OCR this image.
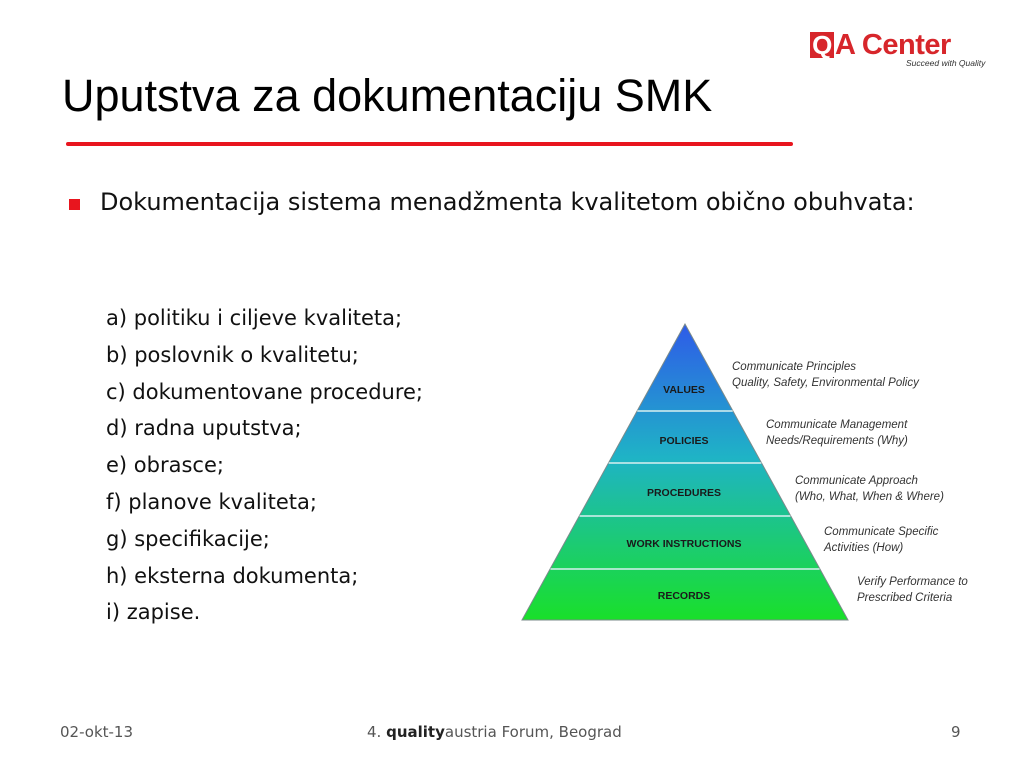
Q A Center
Succeed with Quality
Uputstva za dokumentaciju SMK
Dokumentacija sistema menadžmenta kvalitetom obično obuhvata:
a) politiku i ciljeve kvaliteta;
b) poslovnik o kvalitetu;
c) dokumentovane procedure;
d) radna uputstva;
e) obrasce;
f) planove kvaliteta;
g) specifikacije;
h) eksterna dokumenta;
i) zapise.
VALUES
POLICIES
PROCEDURES
WORK INSTRUCTIONS
RECORDS
Communicate Principles
Quality, Safety, Environmental Policy
Communicate Management
Needs/Requirements (Why)
Communicate Approach
(Who, What, When & Where)
Communicate Specific
Activities (How)
Verify Performance to
Prescribed Criteria
02-okt-13	4. qualityaustria Forum, Beograd	9
